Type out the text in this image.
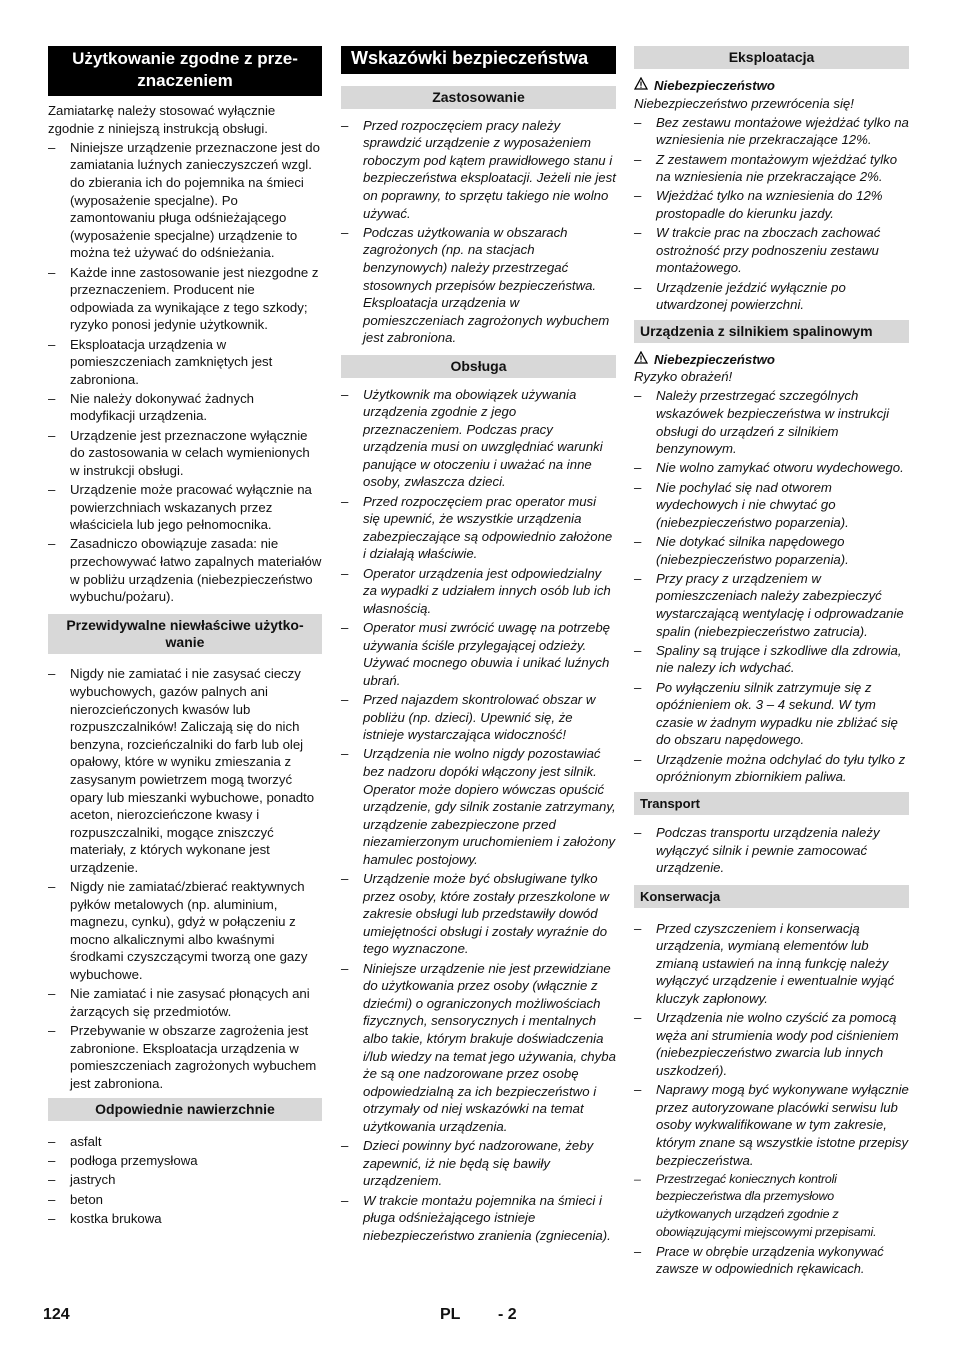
Użytkowanie zgodne z prze-
znaczeniem

Zamiatarkę należy stosować wyłącznie zgodnie z niniejszą instrukcją obsługi.

– Niniejsze urządzenie przeznaczone jest do zamiatania luźnych zanieczyszczeń wzgl. do zbierania ich do pojemnika na śmieci (wyposażenie specjalne). Po zamontowaniu pługa odśnieżającego (wyposażenie specjalne) urządzenie to można też używać do odśnieżania.
– Każde inne zastosowanie jest niezgodne z przeznaczeniem. Producent nie odpowiada za wynikające z tego szkody; ryzyko ponosi jedynie użytkownik.
– Eksploatacja urządzenia w pomieszczeniach zamkniętych jest zabroniona.
– Nie należy dokonywać żadnych modyfikacji urządzenia.
– Urządzenie jest przeznaczone wyłącznie do zastosowania w celach wymienionych w instrukcji obsługi.
– Urządzenie może pracować wyłącznie na powierzchniach wskazanych przez właściciela lub jego pełnomocnika.
– Zasadniczo obowiązuje zasada: nie przechowywać łatwo zapalnych materiałów w pobliżu urządzenia (niebezpieczeństwo wybuchu/pożaru).
Przewidywalne niewłaściwe użytko-
wanie
– Nigdy nie zamiatać i nie zasysać cieczy wybuchowych, gazów palnych ani nierozcieńczonych kwasów lub rozpuszczalników! Zaliczają się do nich benzyna, rozcieńczalniki do farb lub olej opałowy, które w wyniku zmieszania z zasysanym powietrzem mogą tworzyć opary lub mieszanki wybuchowe, ponadto aceton, nierozcieńczone kwasy i rozpuszczalniki, mogące zniszczyć materiały, z których wykonane jest urządzenie.
– Nigdy nie zamiatać/zbierać reaktywnych pyłków metalowych (np. aluminium, magnezu, cynku), gdyż w połączeniu z mocno alkalicznymi albo kwaśnymi środkami czyszczącymi tworzą one gazy wybuchowe.
– Nie zamiatać i nie zasysać płonących ani żarzących się przedmiotów.
– Przebywanie w obszarze zagrożenia jest zabronione. Eksploatacja urządzenia w pomieszczeniach zagrożonych wybuchem jest zabroniona.
Odpowiednie nawierzchnie
– asfalt
– podłoga przemysłowa
– jastrych
– beton
– kostka brukowa
Wskazówki bezpieczeństwa
Zastosowanie
– Przed rozpoczęciem pracy należy sprawdzić urządzenie z wyposażeniem roboczym pod kątem prawidłowego stanu i bezpieczeństwa eksploatacji. Jeżeli nie jest on poprawny, to sprzętu takiego nie wolno używać.
– Podczas użytkowania w obszarach zagrożonych (np. na stacjach benzynowych) należy przestrzegać stosownych przepisów bezpieczeństwa. Eksploatacja urządzenia w pomieszczeniach zagrożonych wybuchem jest zabroniona.
Obsługa
– Użytkownik ma obowiązek używania urządzenia zgodnie z jego przeznaczeniem. Podczas pracy urządzenia musi on uwzględniać warunki panujące w otoczeniu i uważać na inne osoby, zwłaszcza dzieci.
– Przed rozpoczęciem prac operator musi się upewnić, że wszystkie urządzenia zabezpieczające są odpowiednio założone i działają właściwie.
– Operator urządzenia jest odpowiedzialny za wypadki z udziałem innych osób lub ich własnością.
– Operator musi zwrócić uwagę na potrzebę używania ściśle przylegającej odzieży. Używać mocnego obuwia i unikać luźnych ubrań.
– Przed najazdem skontrolować obszar w pobliżu (np. dzieci). Upewnić się, że istnieje wystarczająca widoczność!
– Urządzenia nie wolno nigdy pozostawiać bez nadzoru dopóki włączony jest silnik. Operator może dopiero wówczas opuścić urządzenie, gdy silnik zostanie zatrzymany, urządzenie zabezpieczone przed niezamierzonym uruchomieniem i założony hamulec postojowy.
– Urządzenie może być obsługiwane tylko przez osoby, które zostały przeszkolone w zakresie obsługi lub przedstawiły dowód umiejętności obsługi i zostały wyraźnie do tego wyznaczone.
– Niniejsze urządzenie nie jest przewidziane do użytkowania przez osoby (włącznie z dziećmi) o ograniczonych możliwościach fizycznych, sensorycznych i mentalnych albo takie, którym brakuje doświadczenia i/lub wiedzy na temat jego używania, chyba że są one nadzorowane przez osobę odpowiedzialną za ich bezpieczeństwo i otrzymały od niej wskazówki na temat użytkowania urządzenia.
– Dzieci powinny być nadzorowane, żeby zapewnić, iż nie będą się bawiły urządzeniem.
– W trakcie montażu pojemnika na śmieci i pługa odśnieżającego istnieje niebezpieczeństwo zranienia (zgniecenia).
Eksploatacja
Niebezpieczeństwo

Niebezpieczeństwo przewrócenia się!

– Bez zestawu montażowe wjeżdżać tylko na wzniesienia nie przekraczające 12%.
– Z zestawem montażowym wjeżdżać tylko na wzniesienia nie przekraczające 2%.
– Wjeżdżać tylko na wzniesienia do 12% prostopadle do kierunku jazdy.
– W trakcie prac na zboczach zachować ostrożność przy podnoszeniu zestawu montażowego.
– Urządzenie jeździć wyłącznie po utwardzonej powierzchni.
Urządzenia z silnikiem spalinowym
Niebezpieczeństwo

Ryzyko obrażeń!

– Należy przestrzegać szczególnych wskazówek bezpieczeństwa w instrukcji obsługi do urządzeń z silnikiem benzynowym.
– Nie wolno zamykać otworu wydechowego.
– Nie pochylać się nad otworem wydechowych i nie chwytać go (niebezpieczeństwo poparzenia).
– Nie dotykać silnika napędowego (niebezpieczeństwo poparzenia).
– Przy pracy z urządzeniem w pomieszczeniach należy zabezpieczyć wystarczającą wentylację i odprowadzanie spalin (niebezpieczeństwo zatrucia).
– Spaliny są trujące i szkodliwe dla zdrowia, nie nalezy ich wdychać.
– Po wyłączeniu silnik zatrzymuje się z opóźnieniem ok. 3 – 4 sekund. W tym czasie w żadnym wypadku nie zbliżać się do obszaru napędowego.
– Urządzenie można odchylać do tyłu tylko z opróżnionym zbiornikiem paliwa.
Transport
– Podczas transportu urządzenia należy wyłączyć silnik i pewnie zamocować urządzenie.
Konserwacja
– Przed czyszczeniem i konserwacją urządzenia, wymianą elementów lub zmianą ustawień na inną funkcję należy wyłączyć urządzenie i ewentualnie wyjąć kluczyk zapłonowy.
– Urządzenia nie wolno czyścić za pomocą węża ani strumienia wody pod ciśnieniem (niebezpieczeństwo zwarcia lub innych uszkodzeń).
– Naprawy mogą być wykonywane wyłącznie przez autoryzowane placówki serwisu lub osoby wykwalifikowane w tym zakresie, którym znane są wszystkie istotne przepisy bezpieczeństwa.
– Przestrzegać koniecznych kontroli bezpieczeństwa dla przemysłowo użytkowanych urządzeń zgodnie z obowiązującymi miejscowymi przepisami.
– Prace w obrębie urządzenia wykonywać zawsze w odpowiednich rękawicach.
124	PL - 2
